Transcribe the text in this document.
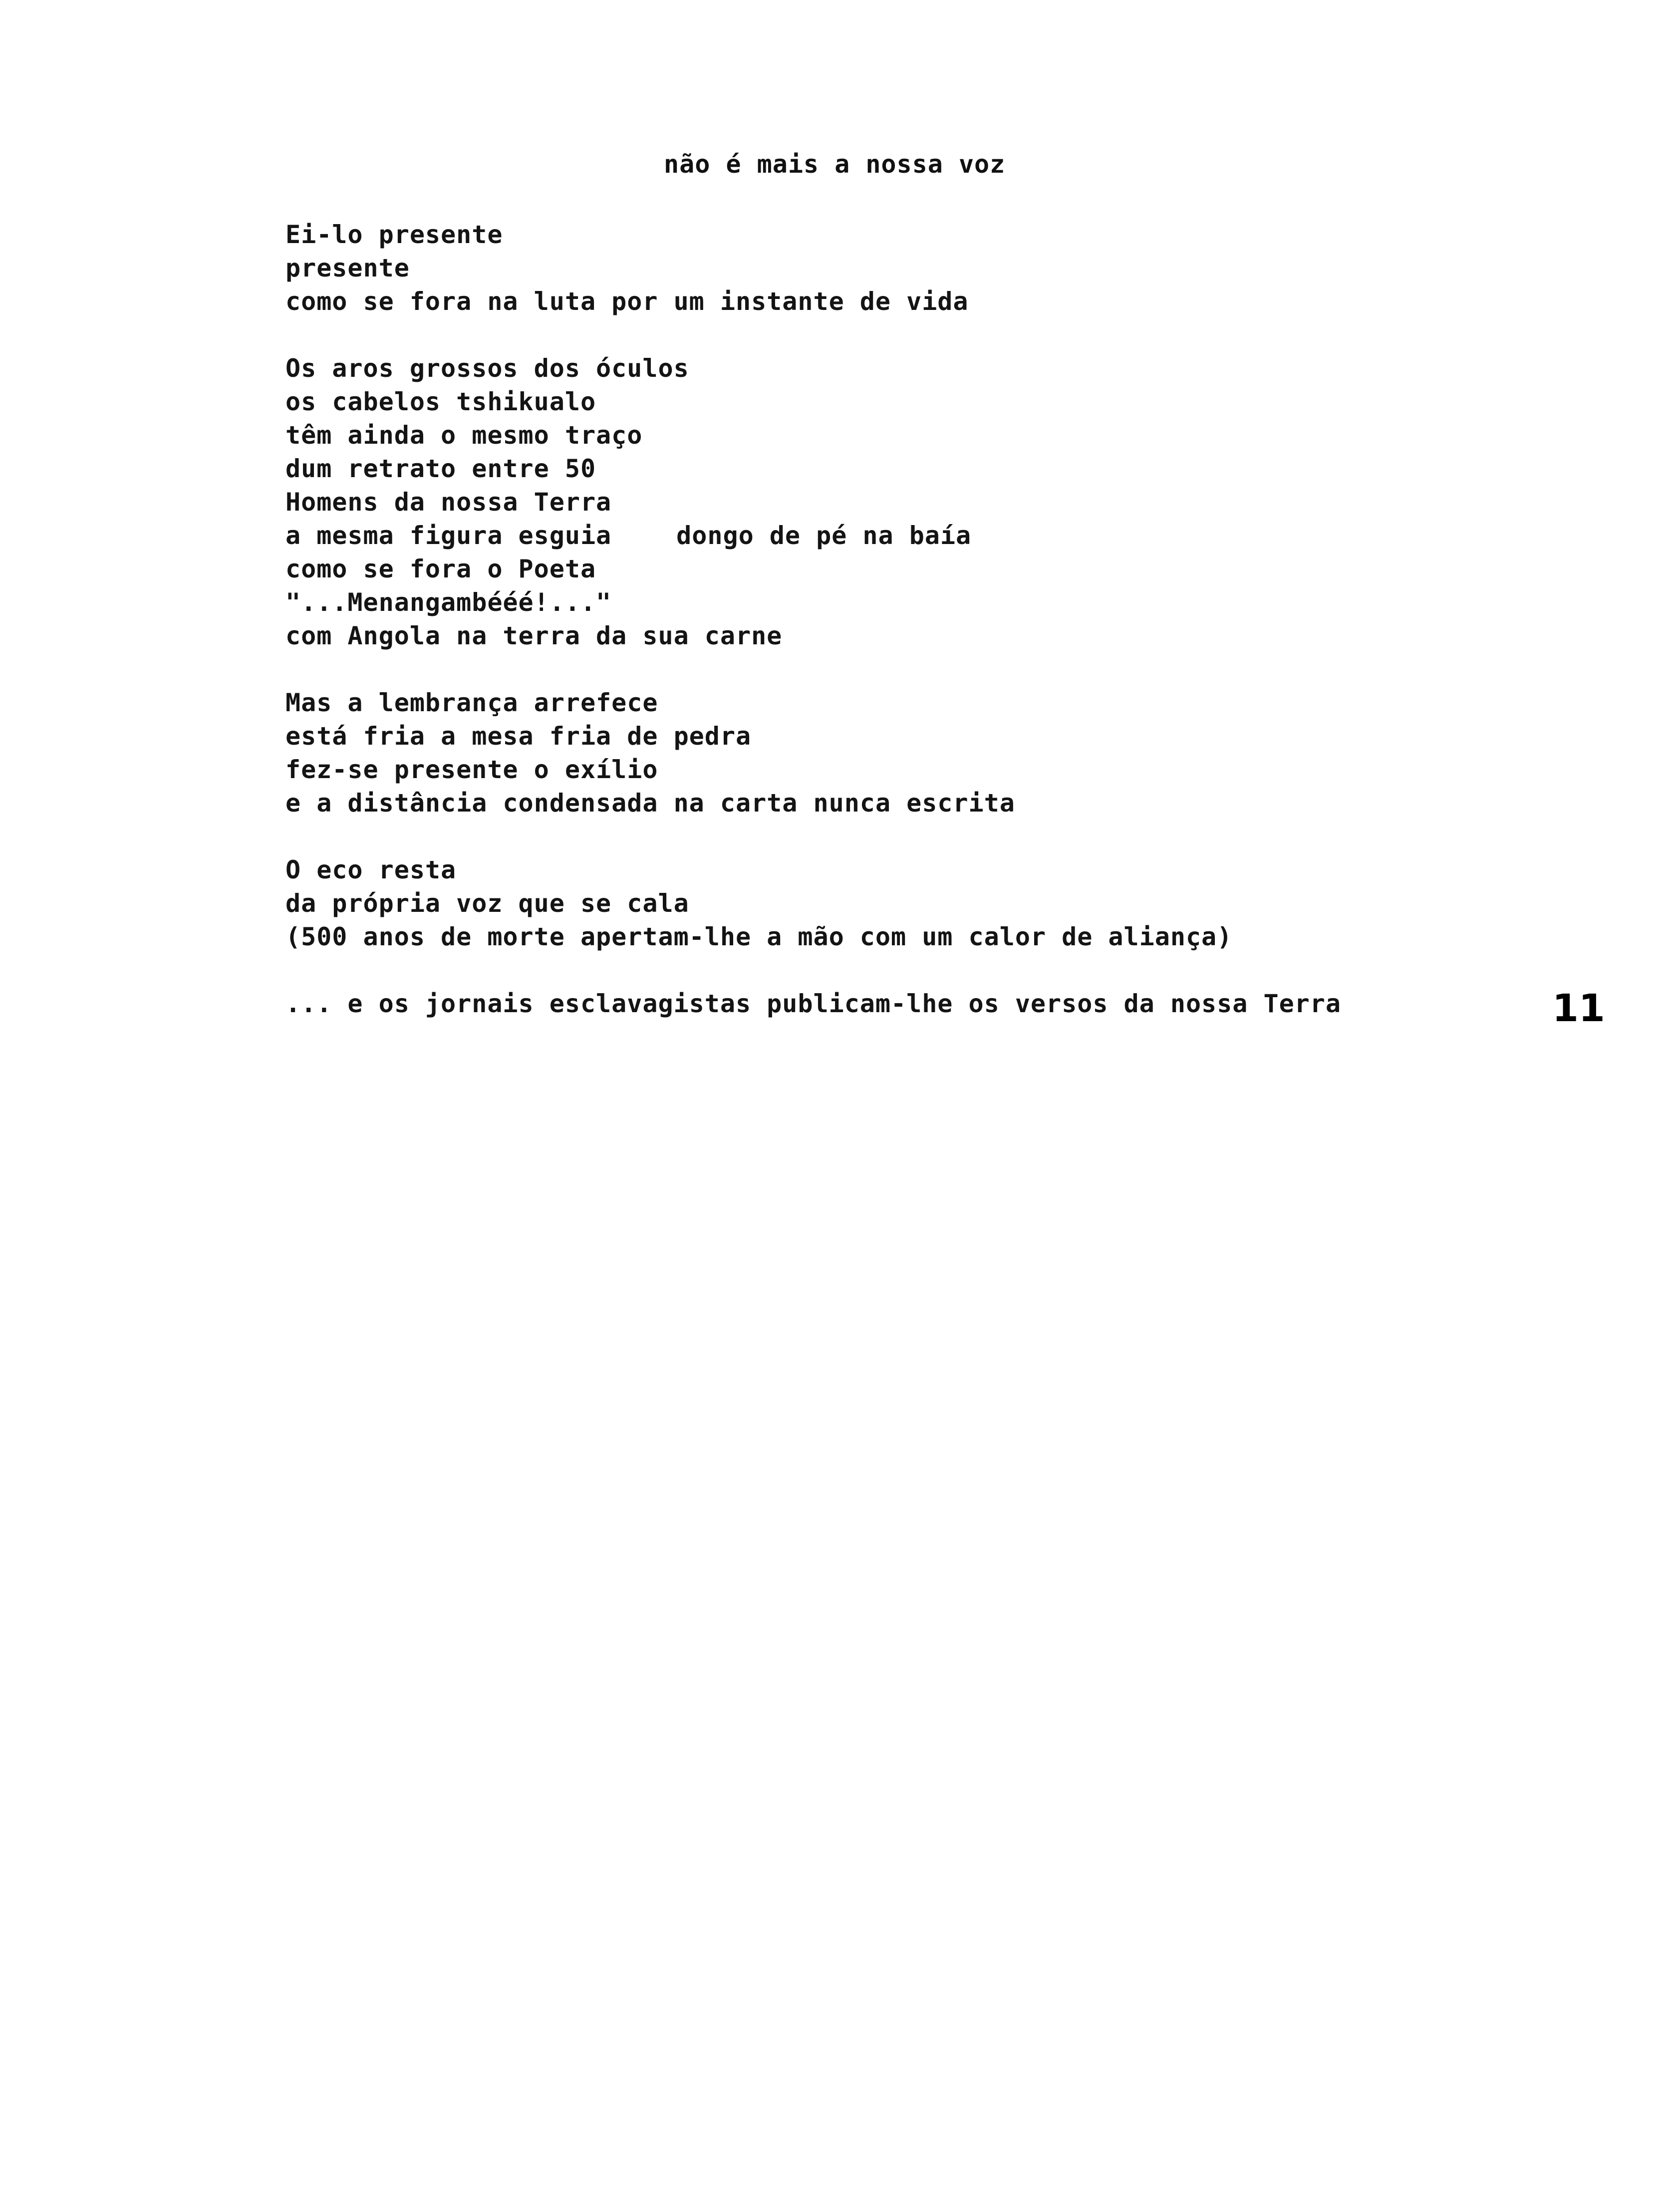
não é mais a nossa voz
Ei-lo presente
presente
como se fora na luta por um instante de vida
Os aros grossos dos óculos
os cabelos tshikualo
têm ainda o mesmo traço
dum retrato entre 50
Homens da nossa Terra
a mesma figura esguia	dongo de pé na baía
como se fora o Poeta
"...Menangambééé!..."
com Angola na terra da sua carne
Mas a lembrança arrefece
está fria a mesa fria de pedra
fez-se presente o exílio
e a distância condensada na carta nunca escrita
O eco resta
da própria voz que se cala
(500 anos de morte apertam-lhe a mão com um calor de aliança)
... e os jornais esclavagistas publicam-lhe os versos da nossa Terra	11
